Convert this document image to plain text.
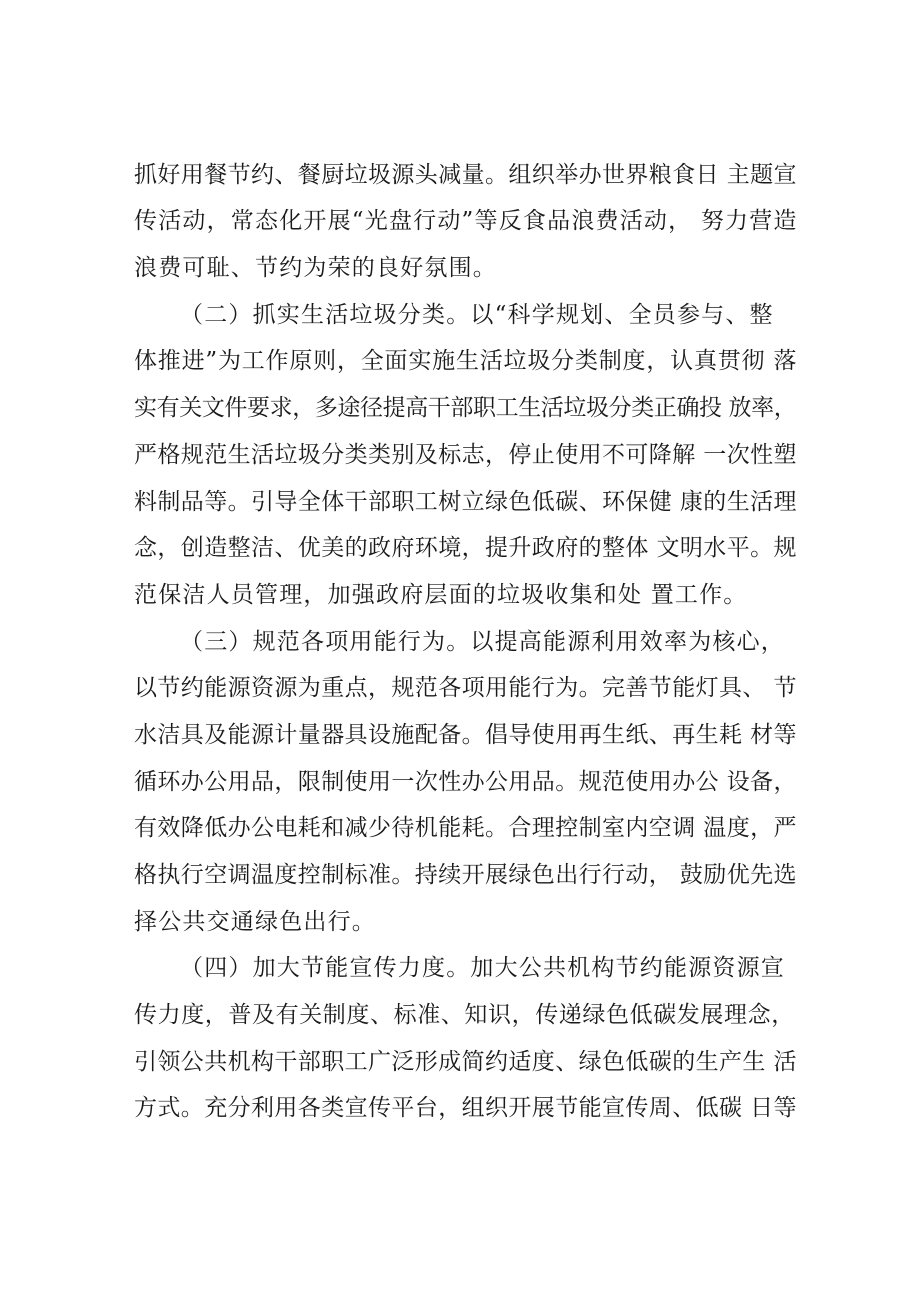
抓好用餐节约、餐厨垃圾源头减量。组织举办世界粮食日 主题宣
传活动，常态化开展“光盘行动”等反食品浪费活动， 努力营造
浪费可耻、节约为荣的良好氛围。
（二）抓实生活垃圾分类。以“科学规划、全员参与、整
体推进”为工作原则，全面实施生活垃圾分类制度，认真贯彻 落
实有关文件要求，多途径提高干部职工生活垃圾分类正确投 放率，
严格规范生活垃圾分类类别及标志，停止使用不可降解 一次性塑
料制品等。引导全体干部职工树立绿色低碳、环保健 康的生活理
念，创造整洁、优美的政府环境，提升政府的整体 文明水平。规
范保洁人员管理，加强政府层面的垃圾收集和处 置工作。
（三）规范各项用能行为。以提高能源利用效率为核心，
以节约能源资源为重点，规范各项用能行为。完善节能灯具、 节
水洁具及能源计量器具设施配备。倡导使用再生纸、再生耗 材等
循环办公用品，限制使用一次性办公用品。规范使用办公 设备，
有效降低办公电耗和减少待机能耗。合理控制室内空调 温度，严
格执行空调温度控制标准。持续开展绿色出行行动， 鼓励优先选
择公共交通绿色出行。
（四）加大节能宣传力度。加大公共机构节约能源资源宣
传力度，普及有关制度、标准、知识，传递绿色低碳发展理念，
引领公共机构干部职工广泛形成简约适度、绿色低碳的生产生 活
方式。充分利用各类宣传平台，组织开展节能宣传周、低碳 日等
